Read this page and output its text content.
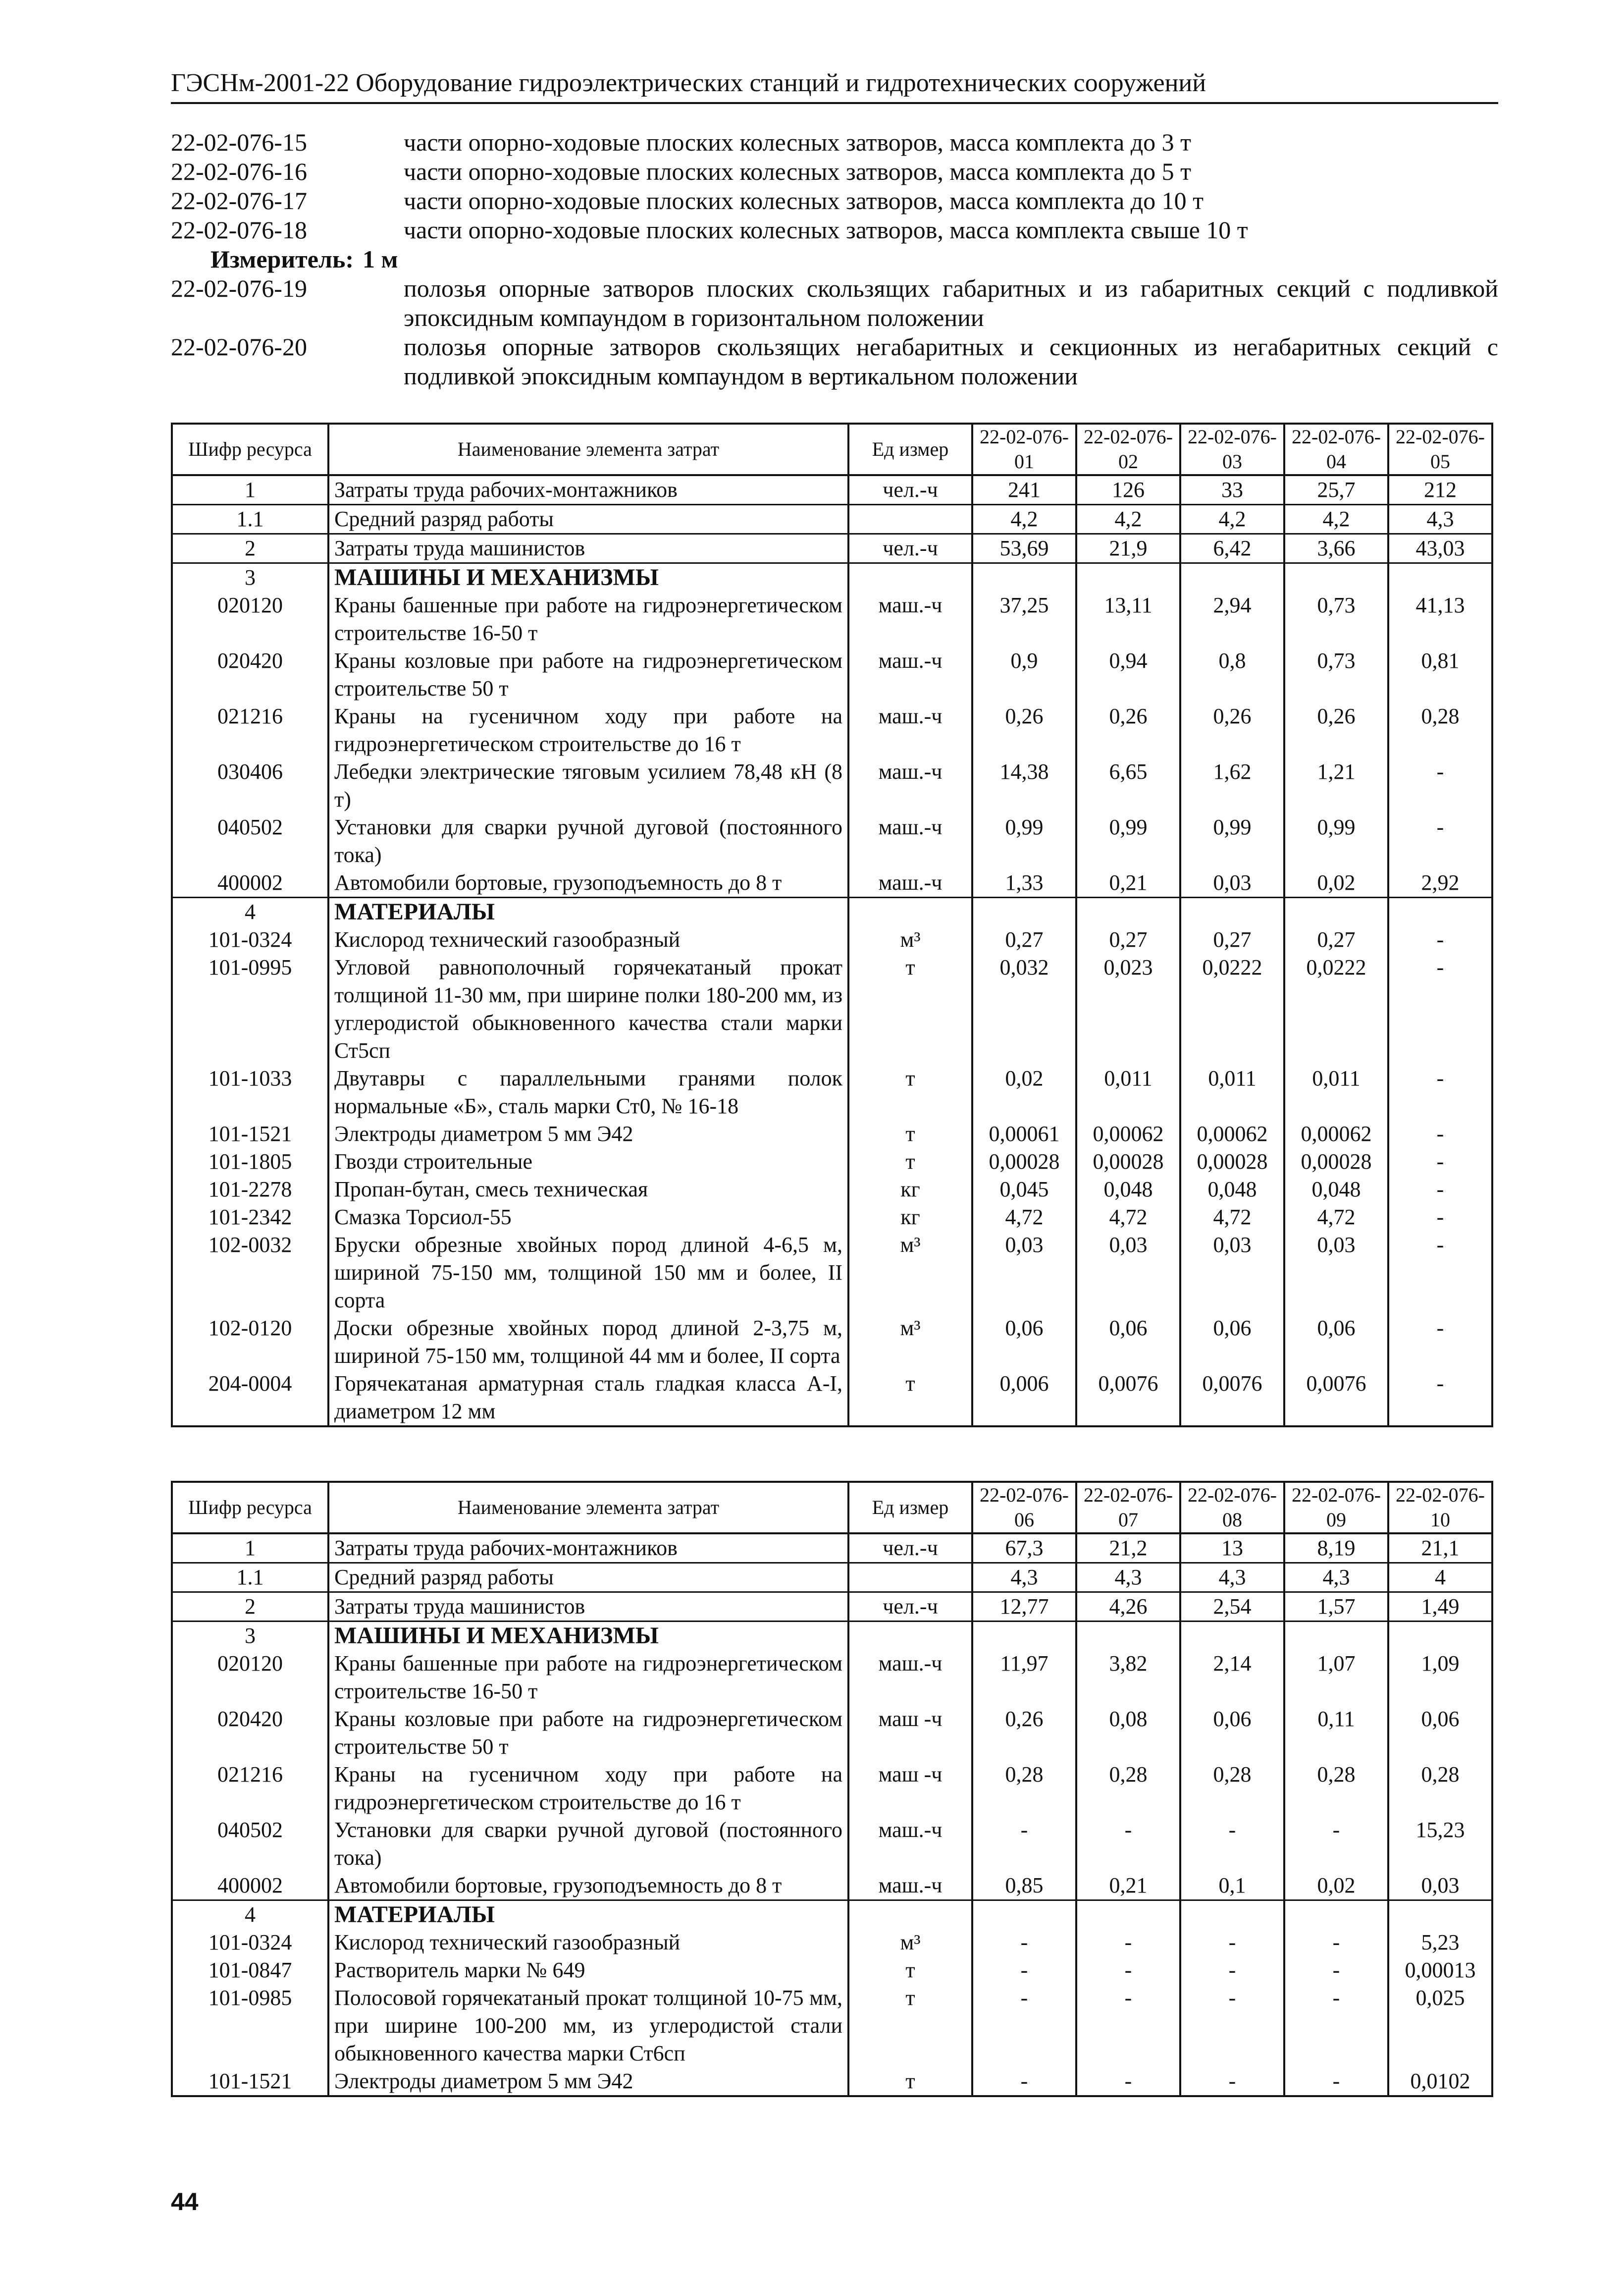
ГЭСНм-2001-22 Оборудование гидроэлектрических станций и гидротехнических сооружений
22-02-076-15	части опорно-ходовые плоских колесных затворов, масса комплекта до 3 т
22-02-076-16	части опорно-ходовые плоских колесных затворов, масса комплекта до 5 т
22-02-076-17	части опорно-ходовые плоских колесных затворов, масса комплекта до 10 т
22-02-076-18	части опорно-ходовые плоских колесных затворов, масса комплекта свыше 10 т
Измеритель: 1 м
22-02-076-19	полозья опорные затворов плоских скользящих габаритных и из габаритных секций с подливкой эпоксидным компаундом в горизонтальном положении
22-02-076-20	полозья опорные затворов скользящих негабаритных и секционных из негабаритных секций с подливкой эпоксидным компаундом в вертикальном положении
Шифр ресурса	Наименование элемента затрат	Ед измер	22-02-076-01	22-02-076-02	22-02-076-03	22-02-076-04	22-02-076-05
1	Затраты труда рабочих-монтажников	чел.-ч	241	126	33	25,7	212
1.1	Средний разряд работы		4,2	4,2	4,2	4,2	4,3
2	Затраты труда машинистов	чел.-ч	53,69	21,9	6,42	3,66	43,03
3	МАШИНЫ И МЕХАНИЗМЫ						
020120	Краны башенные при работе на гидроэнергетическом строительстве 16-50 т	маш.-ч	37,25	13,11	2,94	0,73	41,13
020420	Краны козловые при работе на гидроэнергетическом строительстве 50 т	маш.-ч	0,9	0,94	0,8	0,73	0,81
021216	Краны на гусеничном ходу при работе на гидроэнергетическом строительстве до 16 т	маш.-ч	0,26	0,26	0,26	0,26	0,28
030406	Лебедки электрические тяговым усилием 78,48 кН (8 т)	маш.-ч	14,38	6,65	1,62	1,21	-
040502	Установки для сварки ручной дуговой (постоянного тока)	маш.-ч	0,99	0,99	0,99	0,99	-
400002	Автомобили бортовые, грузоподъемность до 8 т	маш.-ч	1,33	0,21	0,03	0,02	2,92
4	МАТЕРИАЛЫ						
101-0324	Кислород технический газообразный	м³	0,27	0,27	0,27	0,27	-
101-0995	Угловой равнополочный горячекатаный прокат толщиной 11-30 мм, при ширине полки 180-200 мм, из углеродистой обыкновенного качества стали марки Ст5сп	т	0,032	0,023	0,0222	0,0222	-
101-1033	Двутавры с параллельными гранями полок нормальные «Б», сталь марки Ст0, № 16-18	т	0,02	0,011	0,011	0,011	-
101-1521	Электроды диаметром 5 мм Э42	т	0,00061	0,00062	0,00062	0,00062	-
101-1805	Гвозди строительные	т	0,00028	0,00028	0,00028	0,00028	-
101-2278	Пропан-бутан, смесь техническая	кг	0,045	0,048	0,048	0,048	-
101-2342	Смазка Торсиол-55	кг	4,72	4,72	4,72	4,72	-
102-0032	Бруски обрезные хвойных пород длиной 4-6,5 м, шириной 75-150 мм, толщиной 150 мм и более, II сорта	м³	0,03	0,03	0,03	0,03	-
102-0120	Доски обрезные хвойных пород длиной 2-3,75 м, шириной 75-150 мм, толщиной 44 мм и более, II сорта	м³	0,06	0,06	0,06	0,06	-
204-0004	Горячекатаная арматурная сталь гладкая класса А-I, диаметром 12 мм	т	0,006	0,0076	0,0076	0,0076	-
Шифр ресурса	Наименование элемента затрат	Ед измер	22-02-076-06	22-02-076-07	22-02-076-08	22-02-076-09	22-02-076-10
1	Затраты труда рабочих-монтажников	чел.-ч	67,3	21,2	13	8,19	21,1
1.1	Средний разряд работы		4,3	4,3	4,3	4,3	4
2	Затраты труда машинистов	чел.-ч	12,77	4,26	2,54	1,57	1,49
3	МАШИНЫ И МЕХАНИЗМЫ						
020120	Краны башенные при работе на гидроэнергетическом строительстве 16-50 т	маш.-ч	11,97	3,82	2,14	1,07	1,09
020420	Краны козловые при работе на гидроэнергетическом строительстве 50 т	маш -ч	0,26	0,08	0,06	0,11	0,06
021216	Краны на гусеничном ходу при работе на гидроэнергетическом строительстве до 16 т	маш -ч	0,28	0,28	0,28	0,28	0,28
040502	Установки для сварки ручной дуговой (постоянного тока)	маш.-ч	-	-	-	-	15,23
400002	Автомобили бортовые, грузоподъемность до 8 т	маш.-ч	0,85	0,21	0,1	0,02	0,03
4	МАТЕРИАЛЫ						
101-0324	Кислород технический газообразный	м³	-	-	-	-	5,23
101-0847	Растворитель марки № 649	т	-	-	-	-	0,00013
101-0985	Полосовой горячекатаный прокат толщиной 10-75 мм, при ширине 100-200 мм, из углеродистой стали обыкновенного качества марки Ст6сп	т	-	-	-	-	0,025
101-1521	Электроды диаметром 5 мм Э42	т	-	-	-	-	0,0102
44
